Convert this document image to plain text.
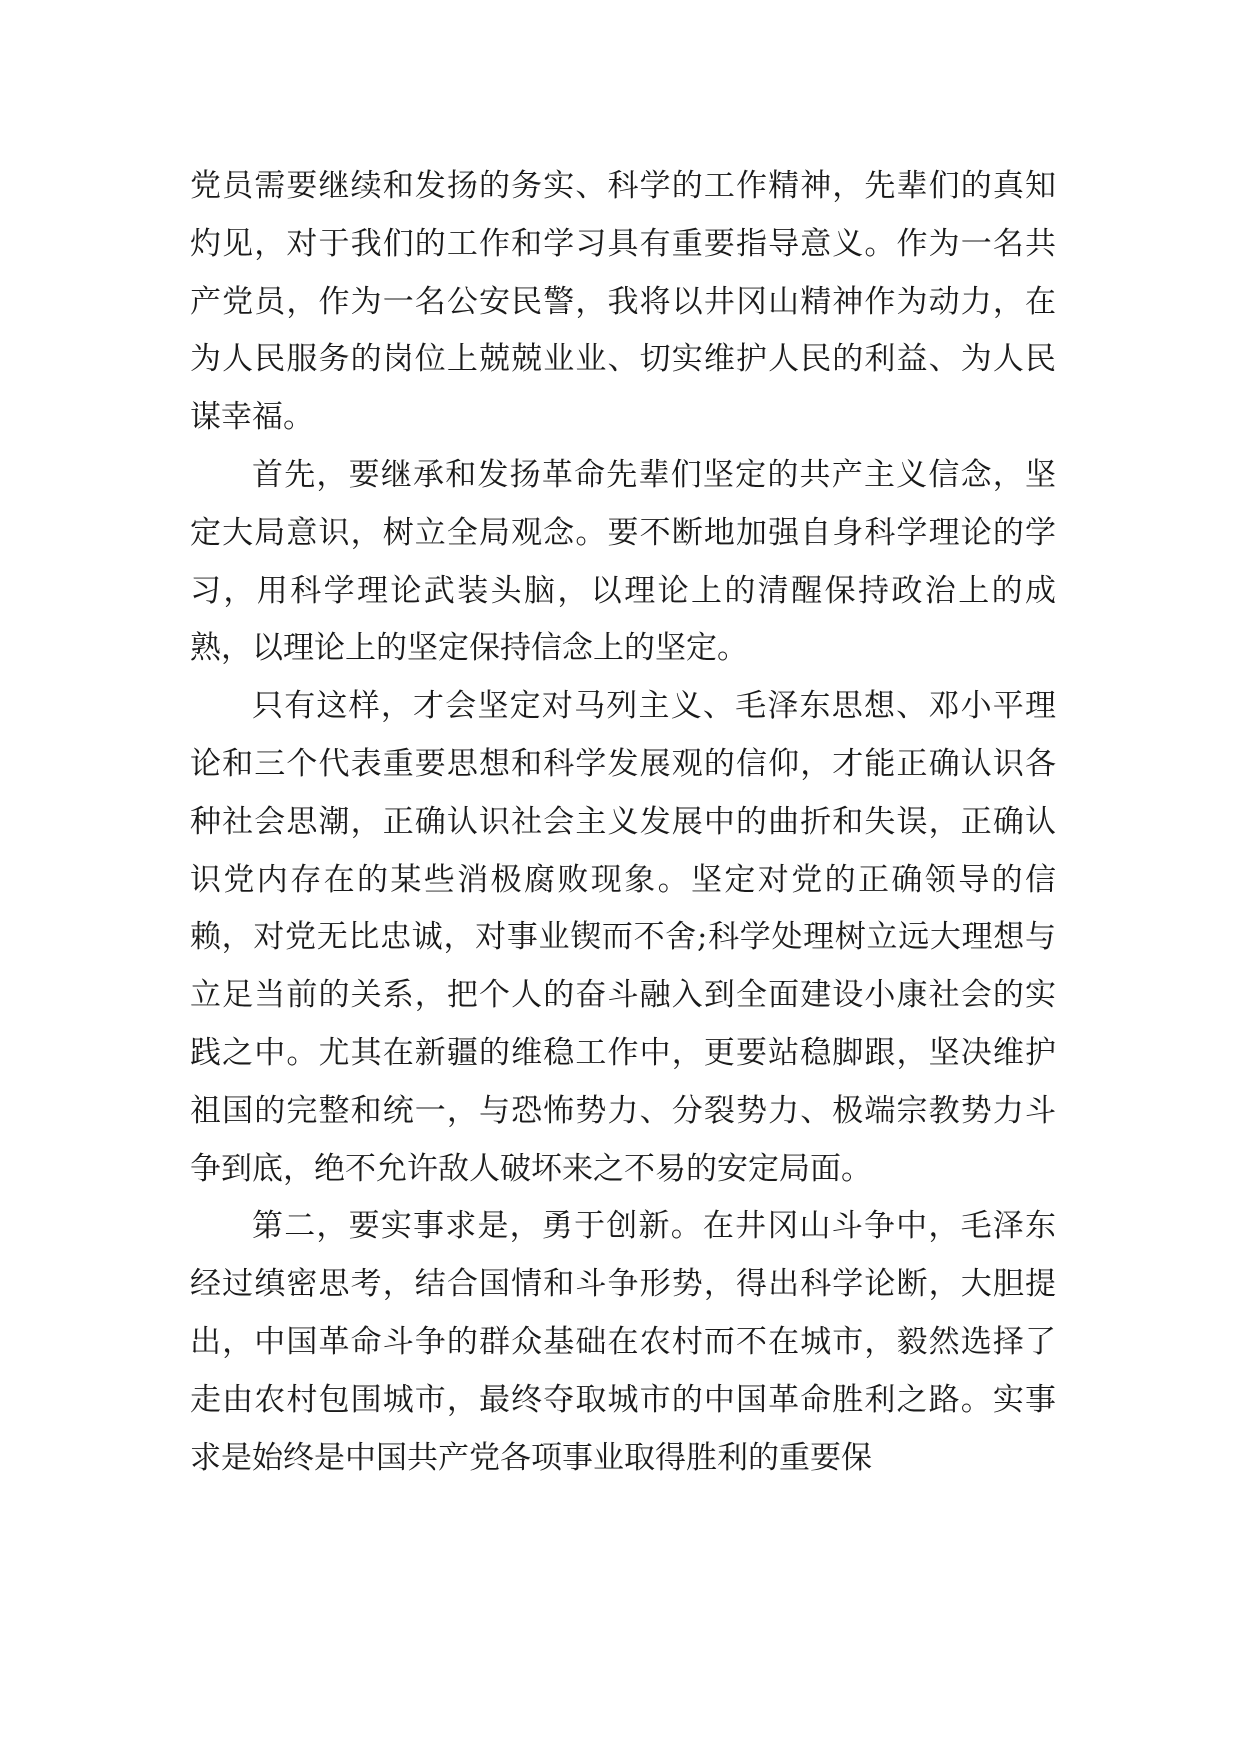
党员需要继续和发扬的务实、科学的工作精神，先辈们的真知灼见，对于我们的工作和学习具有重要指导意义。作为一名共产党员，作为一名公安民警，我将以井冈山精神作为动力，在为人民服务的岗位上兢兢业业、切实维护人民的利益、为人民谋幸福。

首先，要继承和发扬革命先辈们坚定的共产主义信念，坚定大局意识，树立全局观念。要不断地加强自身科学理论的学习，用科学理论武装头脑，以理论上的清醒保持政治上的成熟，以理论上的坚定保持信念上的坚定。

只有这样，才会坚定对马列主义、毛泽东思想、邓小平理论和三个代表重要思想和科学发展观的信仰，才能正确认识各种社会思潮，正确认识社会主义发展中的曲折和失误，正确认识党内存在的某些消极腐败现象。坚定对党的正确领导的信赖，对党无比忠诚，对事业锲而不舍;科学处理树立远大理想与立足当前的关系，把个人的奋斗融入到全面建设小康社会的实践之中。尤其在新疆的维稳工作中，更要站稳脚跟，坚决维护祖国的完整和统一，与恐怖势力、分裂势力、极端宗教势力斗争到底，绝不允许敌人破坏来之不易的安定局面。

第二，要实事求是，勇于创新。在井冈山斗争中，毛泽东经过缜密思考，结合国情和斗争形势，得出科学论断，大胆提出，中国革命斗争的群众基础在农村而不在城市，毅然选择了走由农村包围城市，最终夺取城市的中国革命胜利之路。实事求是始终是中国共产党各项事业取得胜利的重要保
